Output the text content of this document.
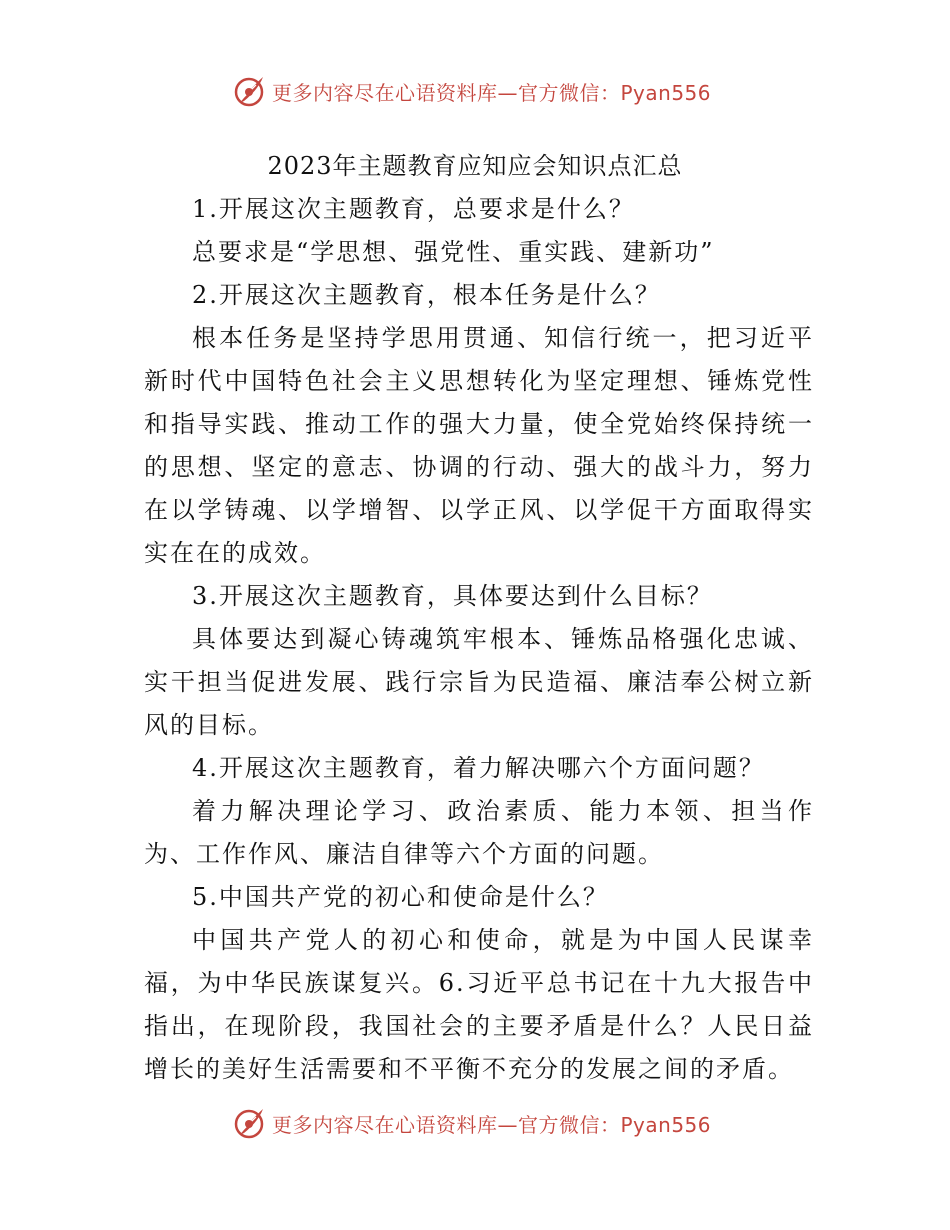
更多内容尽在心语资料库—官方微信：Pyan556
2023年主题教育应知应会知识点汇总

1.开展这次主题教育，总要求是什么？

总要求是“学思想、强党性、重实践、建新功”

2.开展这次主题教育，根本任务是什么？

根本任务是坚持学思用贯通、知信行统一，把习近平新时代中国特色社会主义思想转化为坚定理想、锤炼党性和指导实践、推动工作的强大力量，使全党始终保持统一的思想、坚定的意志、协调的行动、强大的战斗力，努力在以学铸魂、以学增智、以学正风、以学促干方面取得实实在在的成效。

3.开展这次主题教育，具体要达到什么目标？

具体要达到凝心铸魂筑牢根本、锤炼品格强化忠诚、实干担当促进发展、践行宗旨为民造福、廉洁奉公树立新风的目标。

4.开展这次主题教育，着力解决哪六个方面问题？

着力解决理论学习、政治素质、能力本领、担当作为、工作作风、廉洁自律等六个方面的问题。

5.中国共产党的初心和使命是什么？

中国共产党人的初心和使命，就是为中国人民谋幸福，为中华民族谋复兴。6.习近平总书记在十九大报告中指出，在现阶段，我国社会的主要矛盾是什么？人民日益增长的美好生活需要和不平衡不充分的发展之间的矛盾。

更多内容尽在心语资料库—官方微信：Pyan556
